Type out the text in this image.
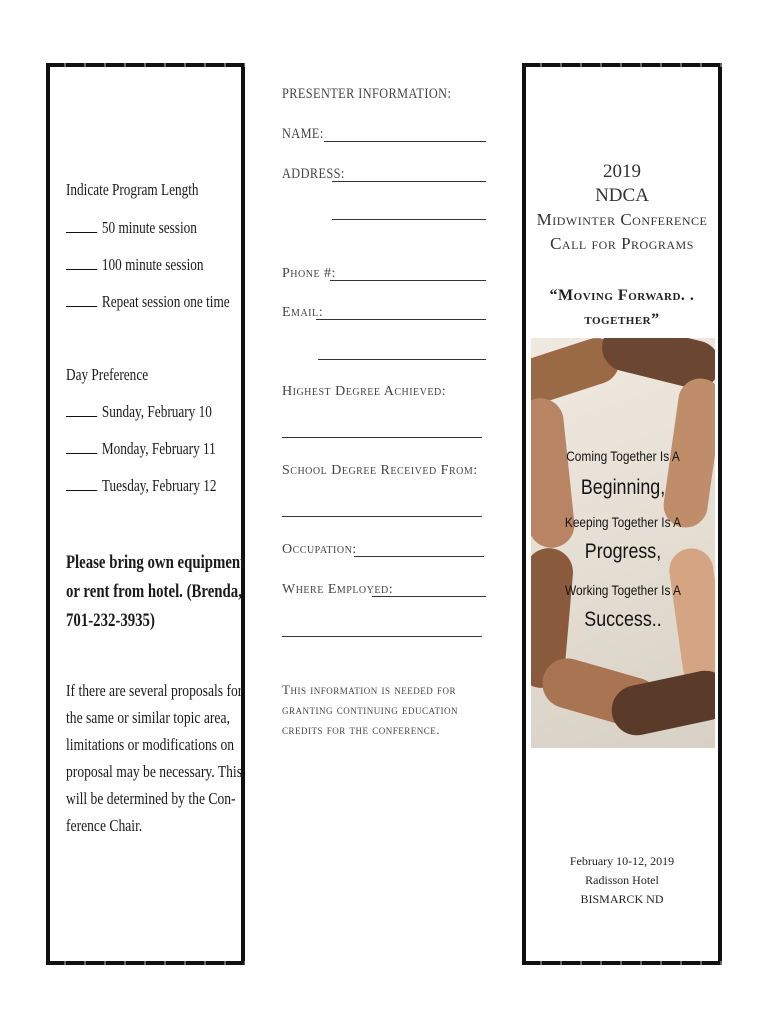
Indicate Program Length
50 minute session
100 minute session
Repeat session one time
Day Preference
Sunday, February 10
Monday, February 11
Tuesday, February 12
Please bring own equipment
or rent from hotel. (Brenda,
701-232-3935)
If there are several proposals for
the same or similar topic area,
limitations or modifications on
proposal may be necessary. This
will be determined by the Con-
ference Chair.
PRESENTER INFORMATION:
NAME:
ADDRESS:
Phone #:
Email:
Highest Degree Achieved:
School Degree Received From:
Occupation:
Where Employed:
This information is needed for
granting continuing education
credits for the conference.
2019
NDCA
Midwinter Conference
Call for Programs
“Moving Forward. .
together”
Coming Together Is A
Beginning,
Keeping Together Is A
Progress,
Working Together Is A
Success..
February 10-12, 2019
Radisson Hotel
BISMARCK ND
